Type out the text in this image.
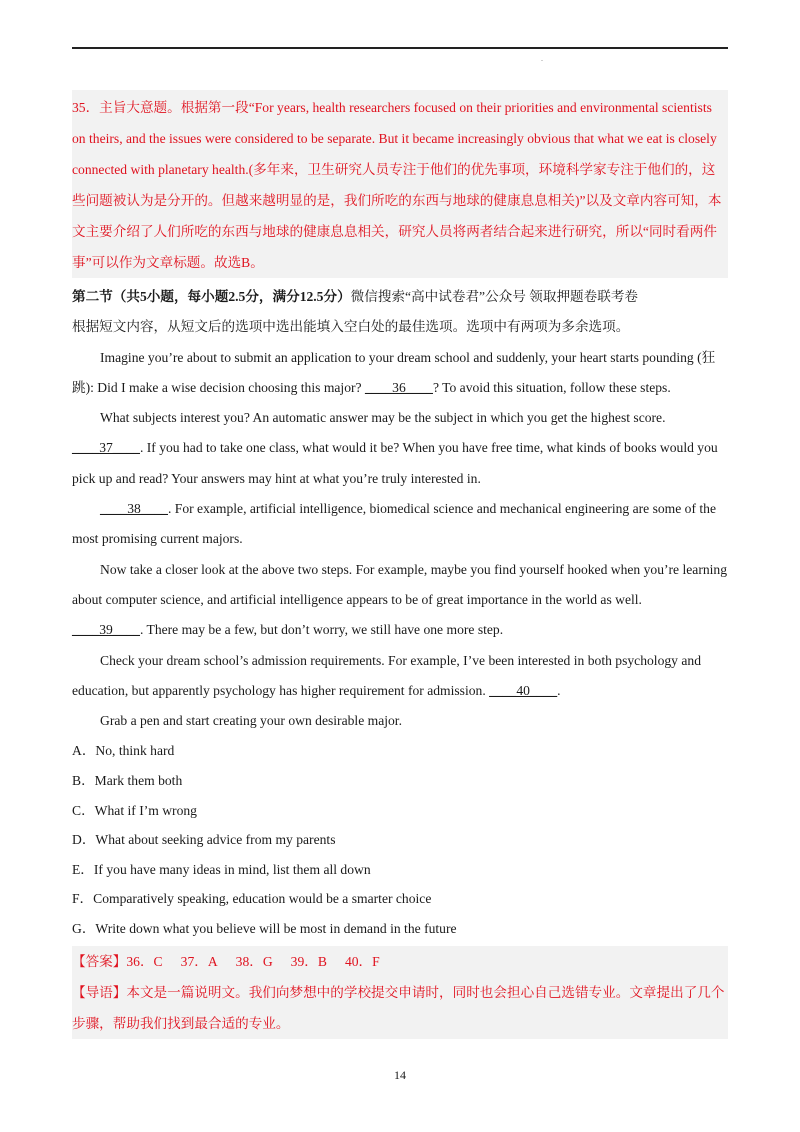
.

35．主旨大意题。根据第一段“For years, health researchers focused on their priorities and environmental scientists on theirs, and the issues were considered to be separate. But it became increasingly obvious that what we eat is closely connected with planetary health.(多年来，卫生研究人员专注于他们的优先事项，环境科学家专注于他们的，这些问题被认为是分开的。但越来越明显的是，我们所吃的东西与地球的健康息息相关)”以及文章内容可知，本文主要介绍了人们所吃的东西与地球的健康息息相关，研究人员将两者结合起来进行研究，所以“同时看两件事”可以作为文章标题。故选B。

第二节（共5小题，每小题2.5分，满分12.5分）微信搜索“高中试卷君”公众号 领取押题卷联考卷

根据短文内容，从短文后的选项中选出能填入空白处的最佳选项。选项中有两项为多余选项。

Imagine you’re about to submit an application to your dream school and suddenly, your heart starts pounding (狂跳): Did I make a wise decision choosing this major? ____36____? To avoid this situation, follow these steps.

What subjects interest you? An automatic answer may be the subject in which you get the highest score.

____37____. If you had to take one class, what would it be? When you have free time, what kinds of books would you pick up and read? Your answers may hint at what you’re truly interested in.

____38____. For example, artificial intelligence, biomedical science and mechanical engineering are some of the most promising current majors.

Now take a closer look at the above two steps. For example, maybe you find yourself hooked when you’re learning about computer science, and artificial intelligence appears to be of great importance in the world as well.

____39____. There may be a few, but don’t worry, we still have one more step.

Check your dream school’s admission requirements. For example, I’ve been interested in both psychology and education, but apparently psychology has higher requirement for admission. ____40____.

Grab a pen and start creating your own desirable major.

A．No, think hard

B．Mark them both

C．What if I’m wrong

D．What about seeking advice from my parents

E．If you have many ideas in mind, list them all down

F．Comparatively speaking, education would be a smarter choice

G．Write down what you believe will be most in demand in the future

【答案】36．C 37．A 38．G 39．B 40．F

【导语】本文是一篇说明文。我们向梦想中的学校提交申请时，同时也会担心自己选错专业。文章提出了几个步骤，帮助我们找到最合适的专业。

14
